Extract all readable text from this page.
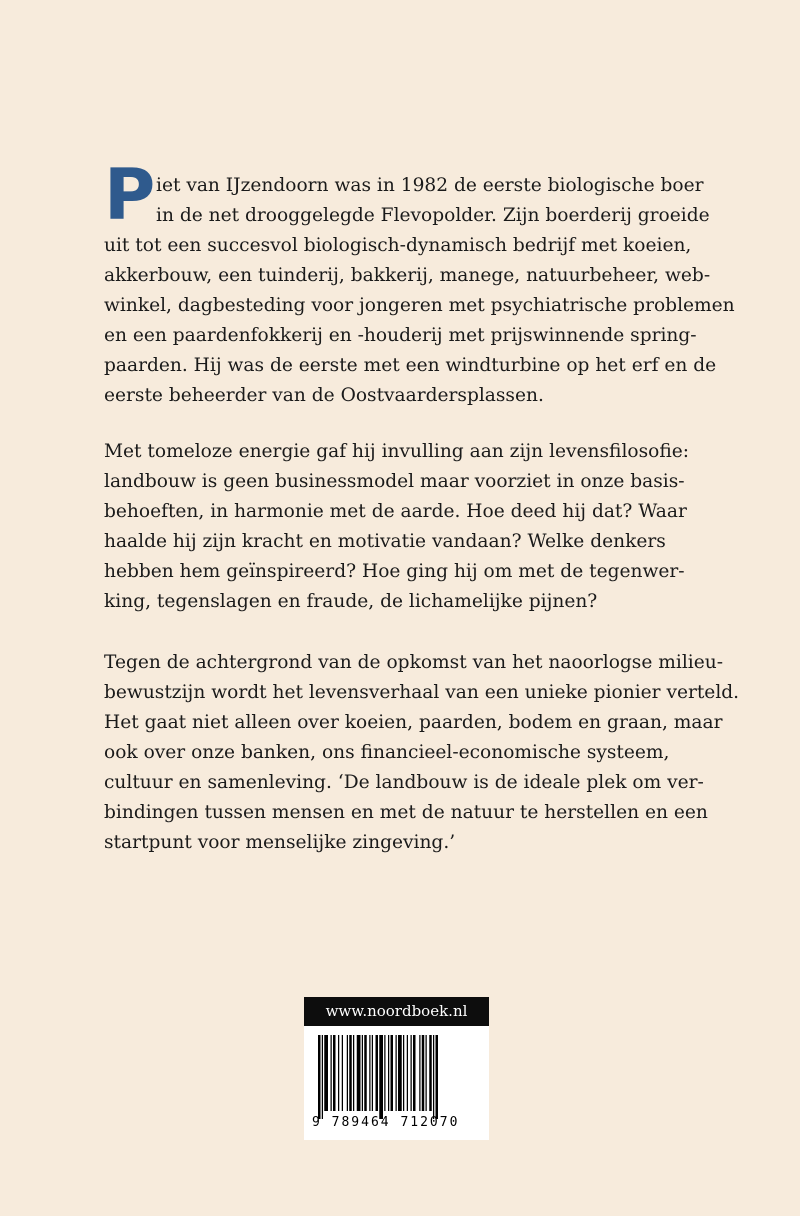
P iet van IJzendoorn was in 1982 de eerste biologische boer
in de net drooggelegde Flevopolder. Zijn boerderij groeide
uit tot een succesvol biologisch-dynamisch bedrijf met koeien,
akkerbouw, een tuinderij, bakkerij, manege, natuurbeheer, web-
winkel, dagbesteding voor jongeren met psychiatrische problemen
en een paardenfokkerij en -houderij met prijswinnende spring-
paarden. Hij was de eerste met een windturbine op het erf en de
eerste beheerder van de Oostvaardersplassen.
Met tomeloze energie gaf hij invulling aan zijn levensfilosofie:
landbouw is geen businessmodel maar voorziet in onze basis-
behoeften, in harmonie met de aarde. Hoe deed hij dat? Waar
haalde hij zijn kracht en motivatie vandaan? Welke denkers
hebben hem geïnspireerd? Hoe ging hij om met de tegenwer-
king, tegenslagen en fraude, de lichamelijke pijnen?
Tegen de achtergrond van de opkomst van het naoorlogse milieu-
bewustzijn wordt het levensverhaal van een unieke pionier verteld.
Het gaat niet alleen over koeien, paarden, bodem en graan, maar
ook over onze banken, ons financieel-economische systeem,
cultuur en samenleving. ‘De landbouw is de ideale plek om ver-
bindingen tussen mensen en met de natuur te herstellen en een
startpunt voor menselijke zingeving.’
www.noordboek.nl
9 789464 712070
